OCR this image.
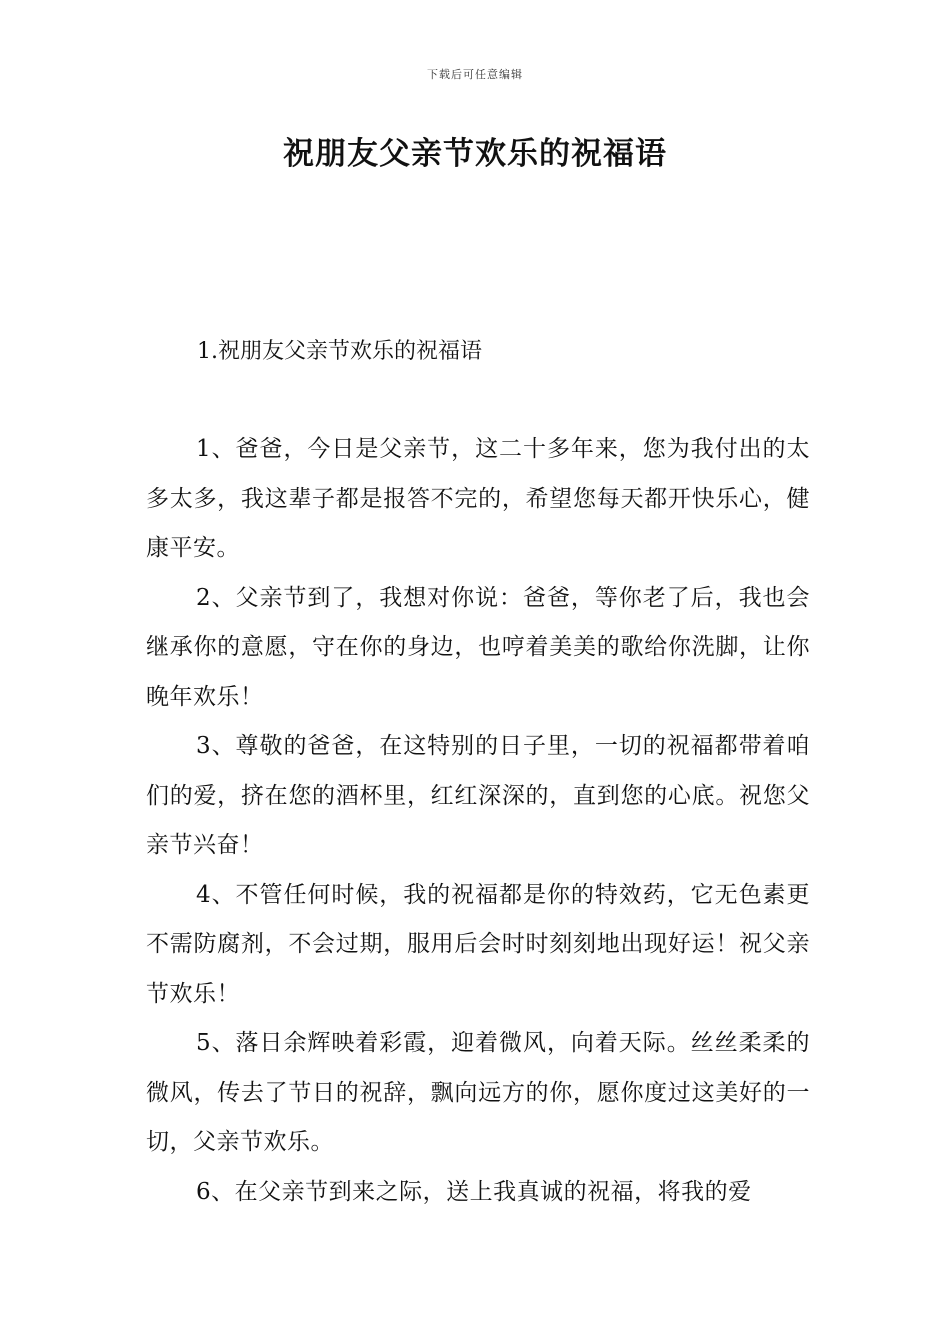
下载后可任意编辑
祝朋友父亲节欢乐的祝福语

1.祝朋友父亲节欢乐的祝福语

1、爸爸，今日是父亲节，这二十多年来，您为我付出的太多太多，我这辈子都是报答不完的，希望您每天都开快乐心，健康平安。

2、父亲节到了，我想对你说：爸爸，等你老了后，我也会继承你的意愿，守在你的身边，也哼着美美的歌给你洗脚，让你晚年欢乐！

3、尊敬的爸爸，在这特别的日子里，一切的祝福都带着咱们的爱，挤在您的酒杯里，红红深深的，直到您的心底。祝您父亲节兴奋！

4、不管任何时候，我的祝福都是你的特效药，它无色素更不需防腐剂，不会过期，服用后会时时刻刻地出现好运！祝父亲节欢乐！

5、落日余辉映着彩霞，迎着微风，向着天际。丝丝柔柔的微风，传去了节日的祝辞，飘向远方的你，愿你度过这美好的一切，父亲节欢乐。

6、在父亲节到来之际，送上我真诚的祝福，将我的爱
